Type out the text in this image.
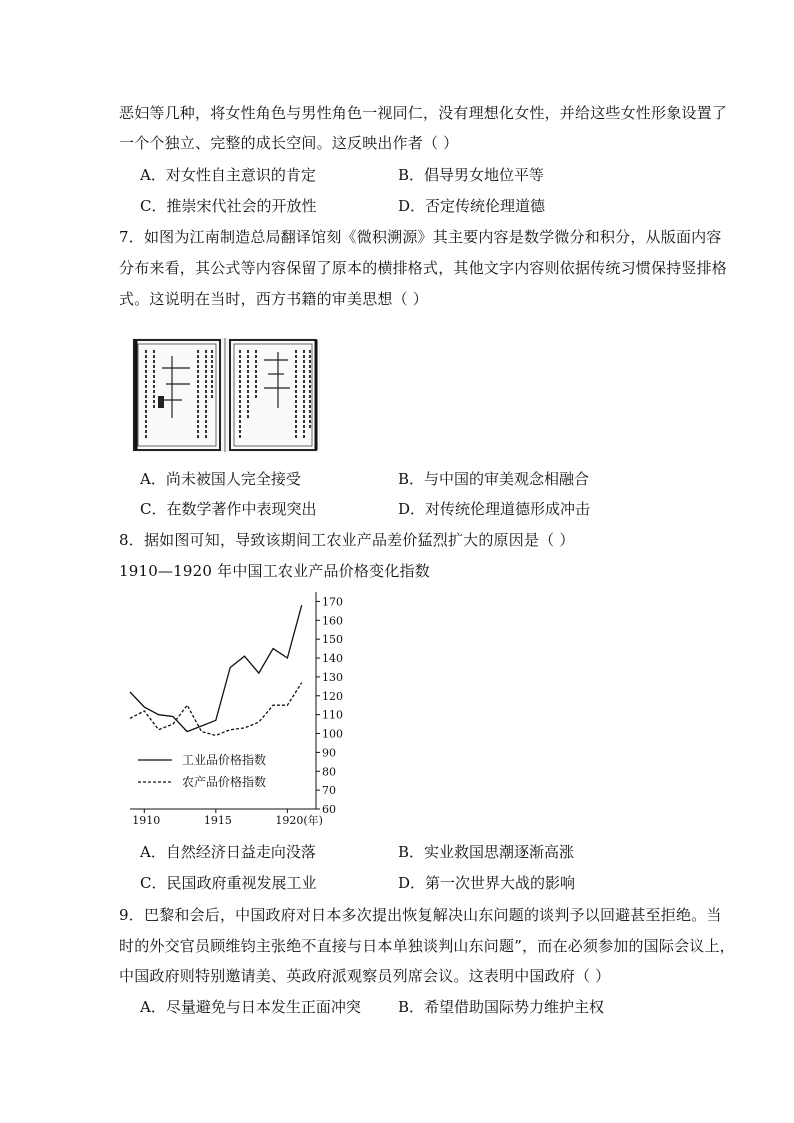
恶妇等几种，将女性角色与男性角色一视同仁，没有理想化女性，并给这些女性形象设置了
一个个独立、完整的成长空间。这反映出作者（ ）
A．对女性自主意识的肯定	B．倡导男女地位平等
C．推崇宋代社会的开放性	D．否定传统伦理道德
7．如图为江南制造总局翻译馆刻《微积溯源》其主要内容是数学微分和积分，从版面内容
分布来看，其公式等内容保留了原本的横排格式，其他文字内容则依据传统习惯保持竖排格
式。这说明在当时，西方书籍的审美思想（ ）
A．尚未被国人完全接受	B．与中国的审美观念相融合
C．在数学著作中表现突出	D．对传统伦理道德形成冲击
8．据如图可知，导致该期间工农业产品差价猛烈扩大的原因是（ ）
1910—1920 年中国工农业产品价格变化指数
60
70
80
90
100
110
120
130
140
150
160
170
1910	1915	1920(年)
工业品价格指数
农产品价格指数
A．自然经济日益走向没落	B．实业救国思潮逐渐高涨
C．民国政府重视发展工业	D．第一次世界大战的影响
9．巴黎和会后，中国政府对日本多次提出恢复解决山东问题的谈判予以回避甚至拒绝。当
时的外交官员顾维钧主张绝不直接与日本单独谈判山东问题”，而在必须参加的国际会议上，
中国政府则特别邀请美、英政府派观察员列席会议。这表明中国政府（ ）
A．尽量避免与日本发生正面冲突 B．希望借助国际势力维护主权
